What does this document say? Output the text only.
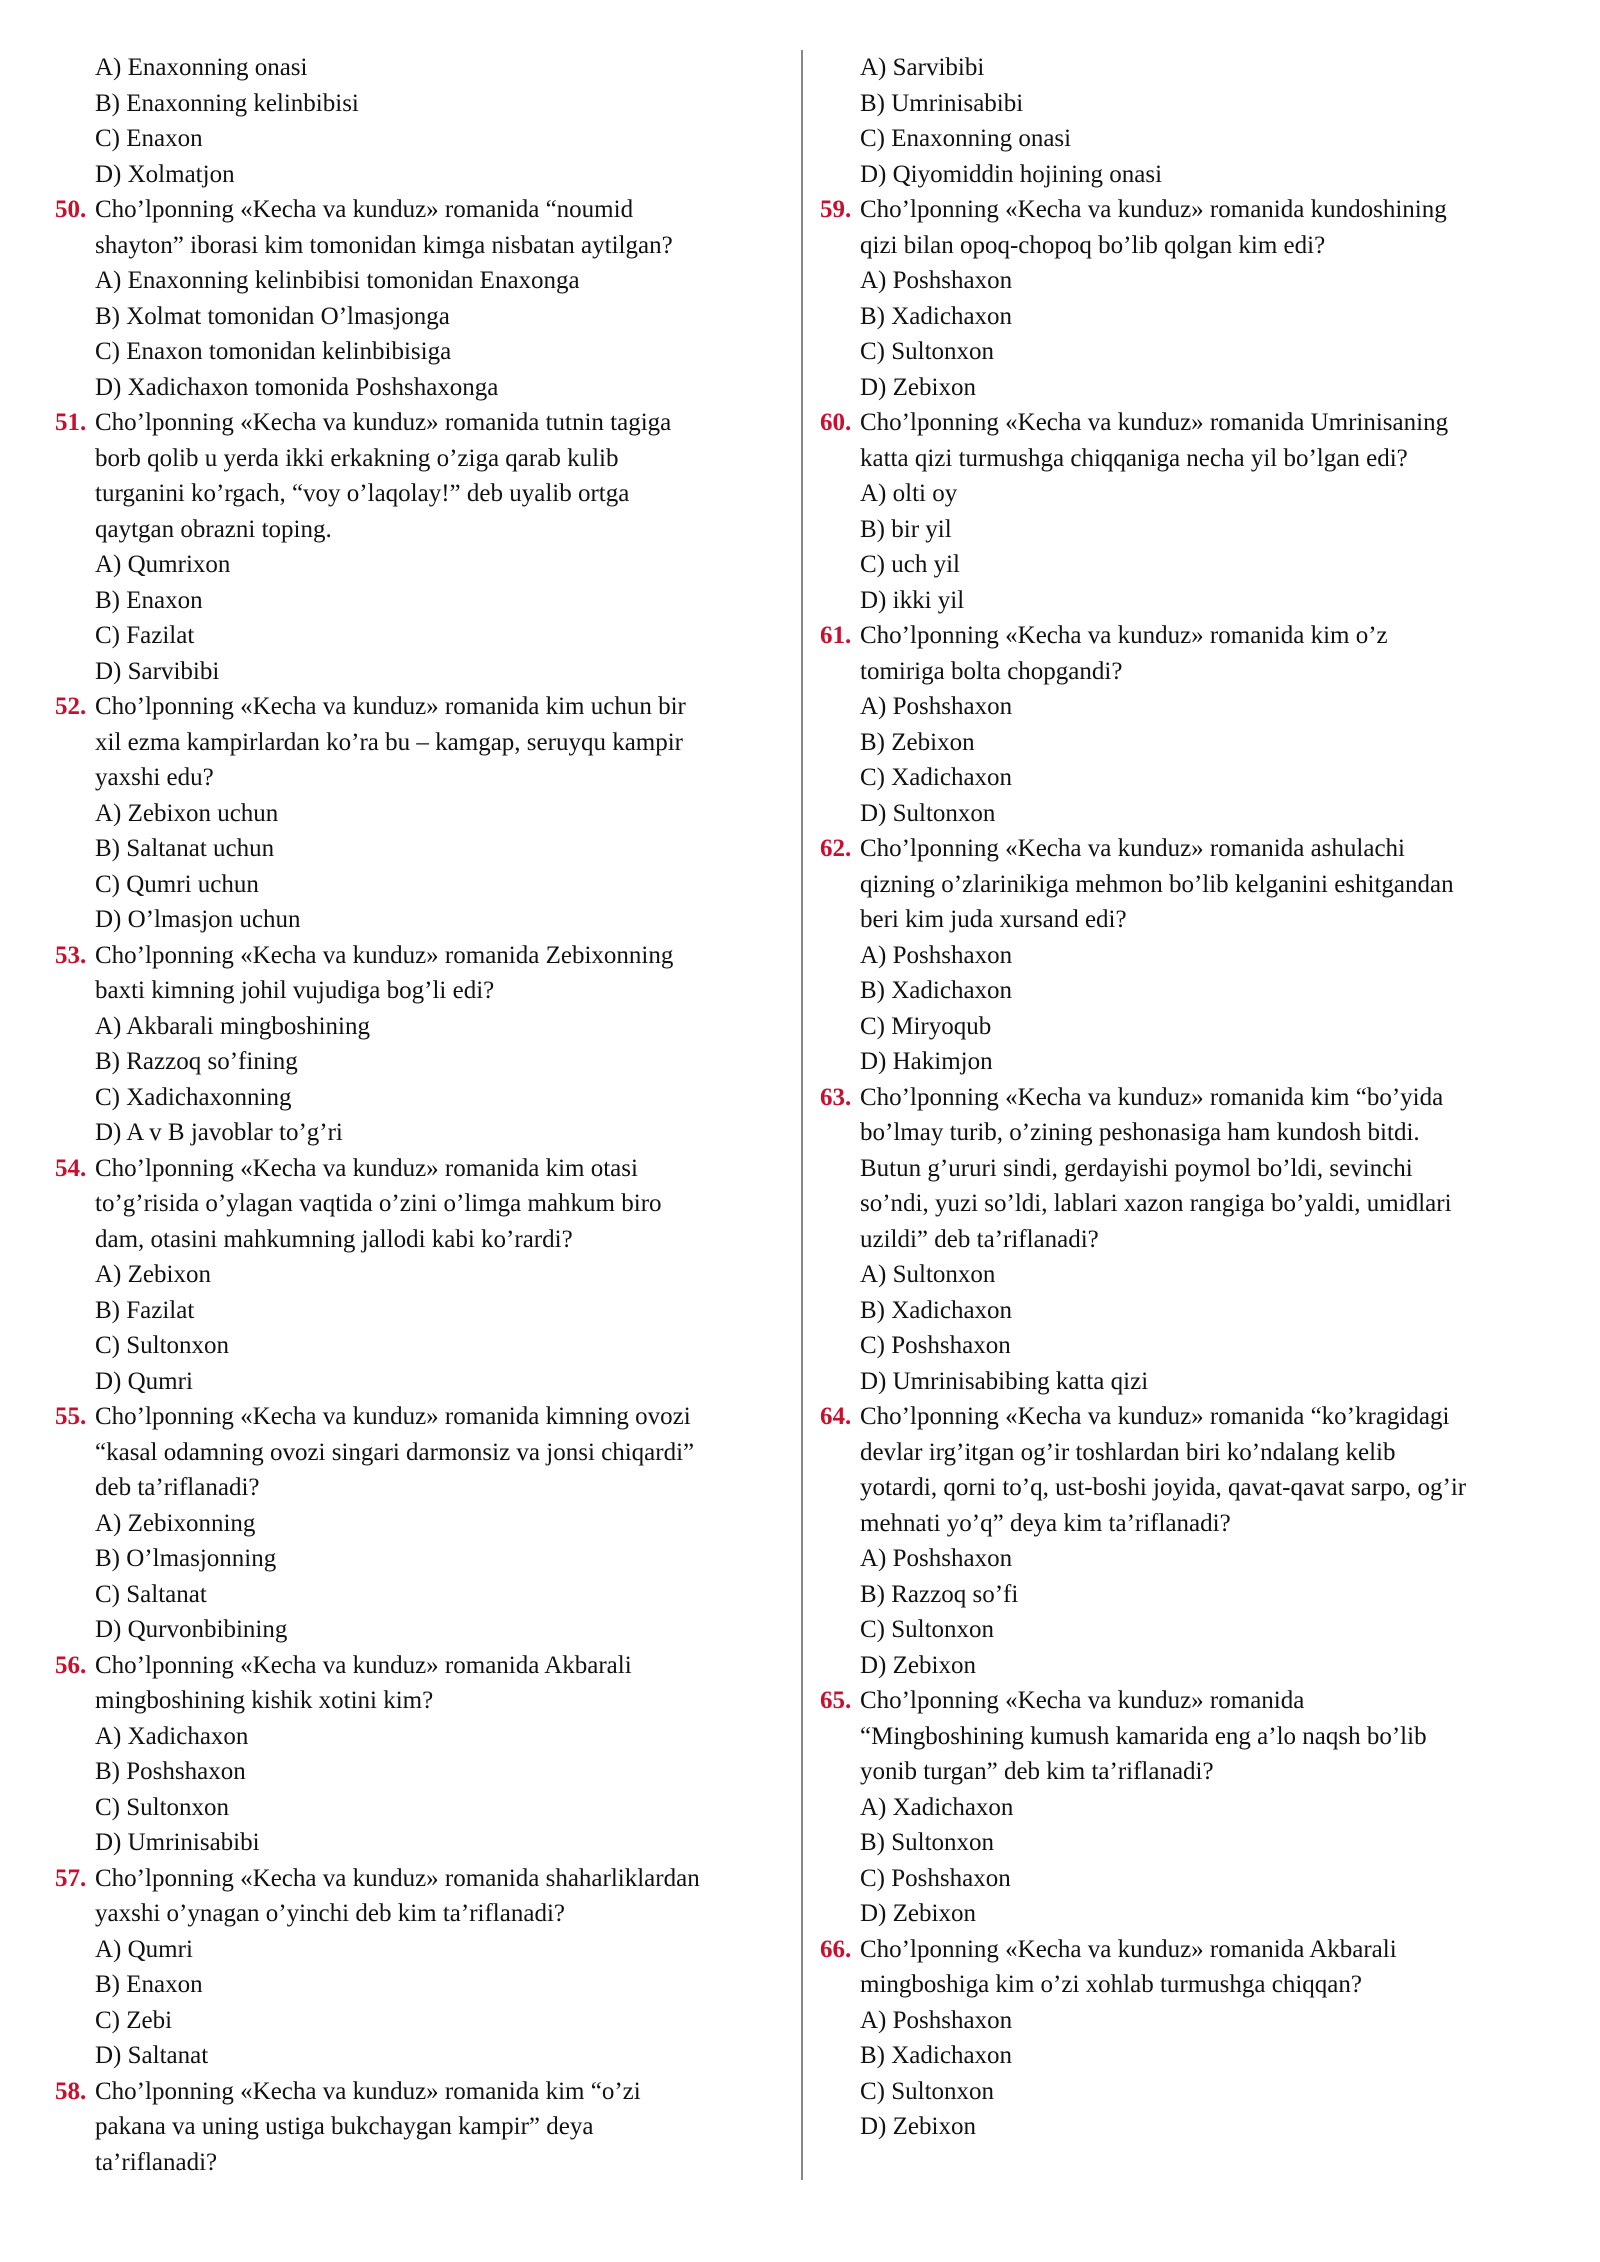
A) Enaxonning onasi
B) Enaxonning kelinbibisi
C) Enaxon
D) Xolmatjon
50. Cho’lponning «Kecha va kunduz» romanida “noumid
shayton” iborasi kim tomonidan kimga nisbatan aytilgan?
A) Enaxonning kelinbibisi tomonidan Enaxonga
B) Xolmat tomonidan O’lmasjonga
C) Enaxon tomonidan kelinbibisiga
D) Xadichaxon tomonida Poshshaxonga
51. Cho’lponning «Kecha va kunduz» romanida tutnin tagiga
borb qolib u yerda ikki erkakning o’ziga qarab kulib
turganini ko’rgach, “voy o’laqolay!” deb uyalib ortga
qaytgan obrazni toping.
A) Qumrixon
B) Enaxon
C) Fazilat
D) Sarvibibi
52. Cho’lponning «Kecha va kunduz» romanida kim uchun bir
xil ezma kampirlardan ko’ra bu – kamgap, seruyqu kampir
yaxshi edu?
A) Zebixon uchun
B) Saltanat uchun
C) Qumri uchun
D) O’lmasjon uchun
53. Cho’lponning «Kecha va kunduz» romanida Zebixonning
baxti kimning johil vujudiga bog’li edi?
A) Akbarali mingboshining
B) Razzoq so’fining
C) Xadichaxonning
D) A v B javoblar to’g’ri
54. Cho’lponning «Kecha va kunduz» romanida kim otasi
to’g’risida o’ylagan vaqtida o’zini o’limga mahkum biro
dam, otasini mahkumning jallodi kabi ko’rardi?
A) Zebixon
B) Fazilat
C) Sultonxon
D) Qumri
55. Cho’lponning «Kecha va kunduz» romanida kimning ovozi
“kasal odamning ovozi singari darmonsiz va jonsi chiqardi”
deb ta’riflanadi?
A) Zebixonning
B) O’lmasjonning
C) Saltanat
D) Qurvonbibining
56. Cho’lponning «Kecha va kunduz» romanida Akbarali
mingboshining kishik xotini kim?
A) Xadichaxon
B) Poshshaxon
C) Sultonxon
D) Umrinisabibi
57. Cho’lponning «Kecha va kunduz» romanida shaharliklardan
yaxshi o’ynagan o’yinchi deb kim ta’riflanadi?
A) Qumri
B) Enaxon
C) Zebi
D) Saltanat
58. Cho’lponning «Kecha va kunduz» romanida kim “o’zi
pakana va uning ustiga bukchaygan kampir” deya
ta’riflanadi?
A) Sarvibibi
B) Umrinisabibi
C) Enaxonning onasi
D) Qiyomiddin hojining onasi
59. Cho’lponning «Kecha va kunduz» romanida kundoshining
qizi bilan opoq-chopoq bo’lib qolgan kim edi?
A) Poshshaxon
B) Xadichaxon
C) Sultonxon
D) Zebixon
60. Cho’lponning «Kecha va kunduz» romanida Umrinisaning
katta qizi turmushga chiqqaniga necha yil bo’lgan edi?
A) olti oy
B) bir yil
C) uch yil
D) ikki yil
61. Cho’lponning «Kecha va kunduz» romanida kim o’z
tomiriga bolta chopgandi?
A) Poshshaxon
B) Zebixon
C) Xadichaxon
D) Sultonxon
62. Cho’lponning «Kecha va kunduz» romanida ashulachi
qizning o’zlarinikiga mehmon bo’lib kelganini eshitgandan
beri kim juda xursand edi?
A) Poshshaxon
B) Xadichaxon
C) Miryoqub
D) Hakimjon
63. Cho’lponning «Kecha va kunduz» romanida kim “bo’yida
bo’lmay turib, o’zining peshonasiga ham kundosh bitdi.
Butun g’ururi sindi, gerdayishi poymol bo’ldi, sevinchi
so’ndi, yuzi so’ldi, lablari xazon rangiga bo’yaldi, umidlari
uzildi” deb ta’riflanadi?
A) Sultonxon
B) Xadichaxon
C) Poshshaxon
D) Umrinisabibing katta qizi
64. Cho’lponning «Kecha va kunduz» romanida “ko’kragidagi
devlar irg’itgan og’ir toshlardan biri ko’ndalang kelib
yotardi, qorni to’q, ust-boshi joyida, qavat-qavat sarpo, og’ir
mehnati yo’q” deya kim ta’riflanadi?
A) Poshshaxon
B) Razzoq so’fi
C) Sultonxon
D) Zebixon
65. Cho’lponning «Kecha va kunduz» romanida
“Mingboshining kumush kamarida eng a’lo naqsh bo’lib
yonib turgan” deb kim ta’riflanadi?
A) Xadichaxon
B) Sultonxon
C) Poshshaxon
D) Zebixon
66. Cho’lponning «Kecha va kunduz» romanida Akbarali
mingboshiga kim o’zi xohlab turmushga chiqqan?
A) Poshshaxon
B) Xadichaxon
C) Sultonxon
D) Zebixon
